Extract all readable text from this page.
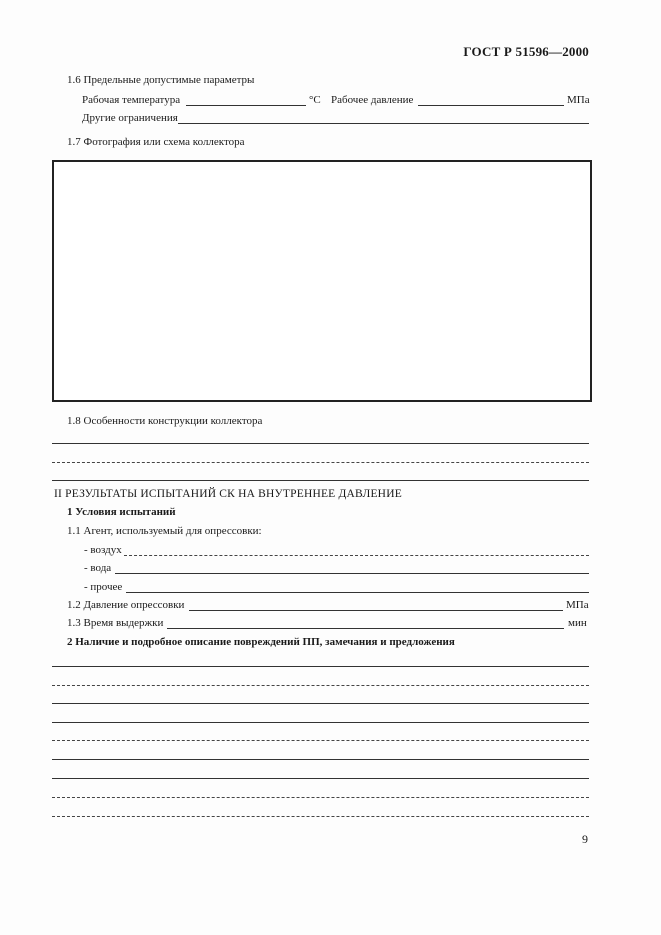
ГОСТ Р 51596—2000
1.6 Предельные допустимые параметры
Рабочая температура	°C Рабочее давление	МПа
Другие ограничения
1.7 Фотография или схема коллектора
1.8 Особенности конструкции коллектора
II РЕЗУЛЬТАТЫ ИСПЫТАНИЙ СК НА ВНУТРЕННЕЕ ДАВЛЕНИЕ
1 Условия испытаний
1.1 Агент, используемый для опрессовки:
- воздух
- вода
- прочее
1.2 Давление опрессовки	МПа
1.3 Время выдержки	мин
2 Наличие и подробное описание повреждений ПП, замечания и предложения
9
